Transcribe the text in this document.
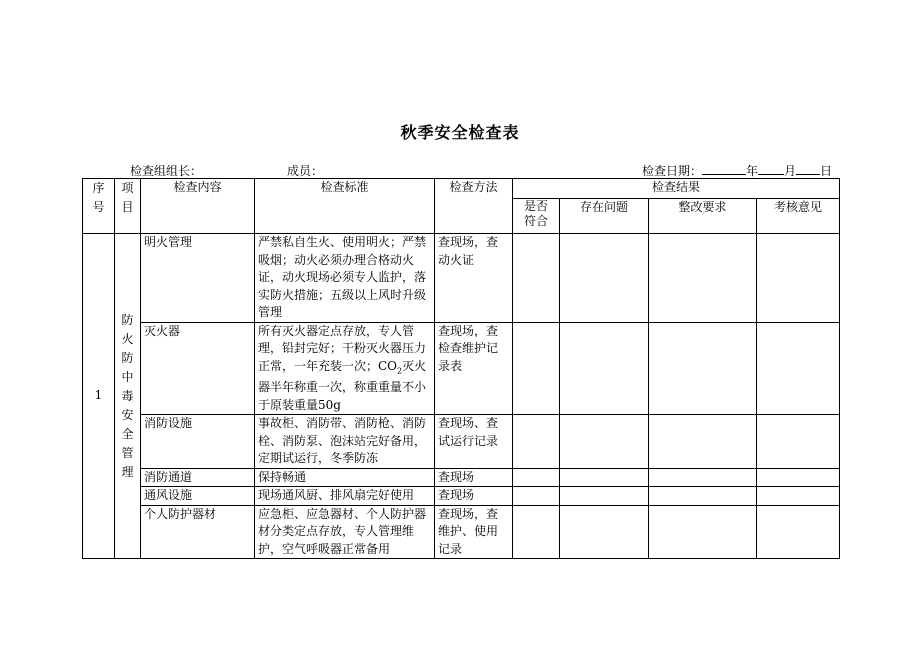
秋季安全检查表
检查组组长：	成员：	检查日期：	年 月 日
序号	项目	检查内容	检查标准	检查方法	检查结果			

					是否符合	存在问题	整改要求	考核意见
1	防火防中毒安全管理	明火管理	严禁私自生火、使用明火；严禁吸烟；动火必须办理合格动火证，动火现场必须专人监护，落实防火措施；五级以上风时升级管理	查现场，查动火证				
		灭火器	所有灭火器定点存放，专人管理，铅封完好；干粉灭火器压力正常，一年充装一次；$CO_2$灭火器半年称重一次，称重重量不小于原装重量50g	查现场，查检查维护记录表				
		消防设施	事故柜、消防带、消防枪、消防栓、消防泵、泡沫站完好备用，定期试运行，冬季防冻	查现场、查试运行记录				
		消防通道	保持畅通	查现场				
		通风设施	现场通风厨、排风扇完好使用	查现场				
		个人防护器材	应急柜、应急器材、个人防护器材分类定点存放，专人管理维护，空气呼吸器正常备用	查现场，查维护、使用记录				
